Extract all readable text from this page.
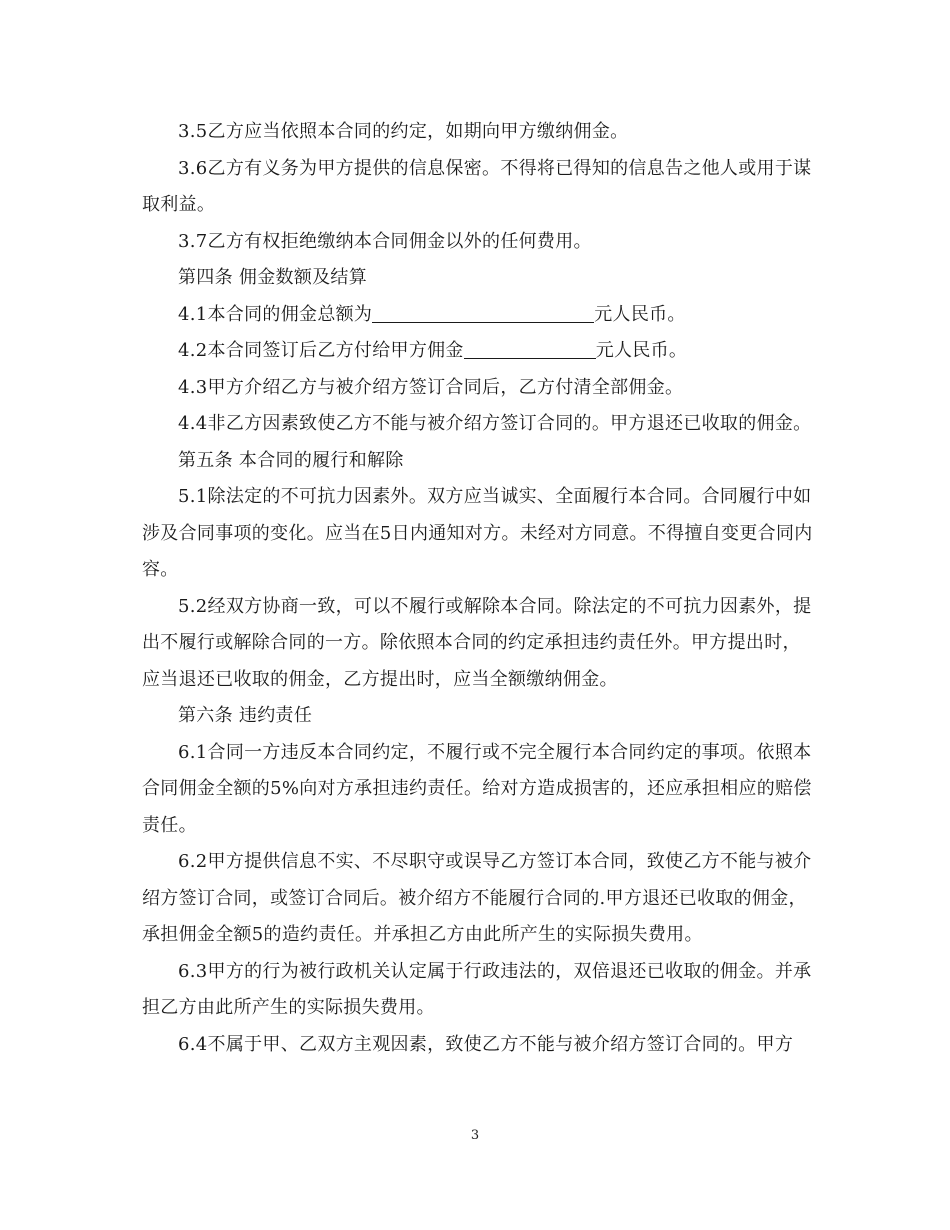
3.5乙方应当依照本合同的约定，如期向甲方缴纳佣金。

3.6乙方有义务为甲方提供的信息保密。不得将已得知的信息告之他人或用于谋取利益。

3.7乙方有权拒绝缴纳本合同佣金以外的任何费用。

第四条 佣金数额及结算

4.1本合同的佣金总额为	元人民币。

4.2本合同签订后乙方付给甲方佣金	元人民币。

4.3甲方介绍乙方与被介绍方签订合同后，乙方付清全部佣金。

4.4非乙方因素致使乙方不能与被介绍方签订合同的。甲方退还已收取的佣金。

第五条 本合同的履行和解除

5.1除法定的不可抗力因素外。双方应当诚实、全面履行本合同。合同履行中如涉及合同事项的变化。应当在5日内通知对方。未经对方同意。不得擅自变更合同内容。

5.2经双方协商一致，可以不履行或解除本合同。除法定的不可抗力因素外，提出不履行或解除合同的一方。除依照本合同的约定承担违约责任外。甲方提出时，应当退还已收取的佣金，乙方提出时，应当全额缴纳佣金。

第六条 违约责任

6.1合同一方违反本合同约定，不履行或不完全履行本合同约定的事项。依照本合同佣金全额的5%向对方承担违约责任。给对方造成损害的，还应承担相应的赔偿责任。

6.2甲方提供信息不实、不尽职守或误导乙方签订本合同，致使乙方不能与被介绍方签订合同，或签订合同后。被介绍方不能履行合同的.甲方退还已收取的佣金，承担佣金全额5的造约责任。并承担乙方由此所产生的实际损失费用。

6.3甲方的行为被行政机关认定属于行政违法的，双倍退还已收取的佣金。并承担乙方由此所产生的实际损失费用。

6.4不属于甲、乙双方主观因素，致使乙方不能与被介绍方签订合同的。甲方

3
